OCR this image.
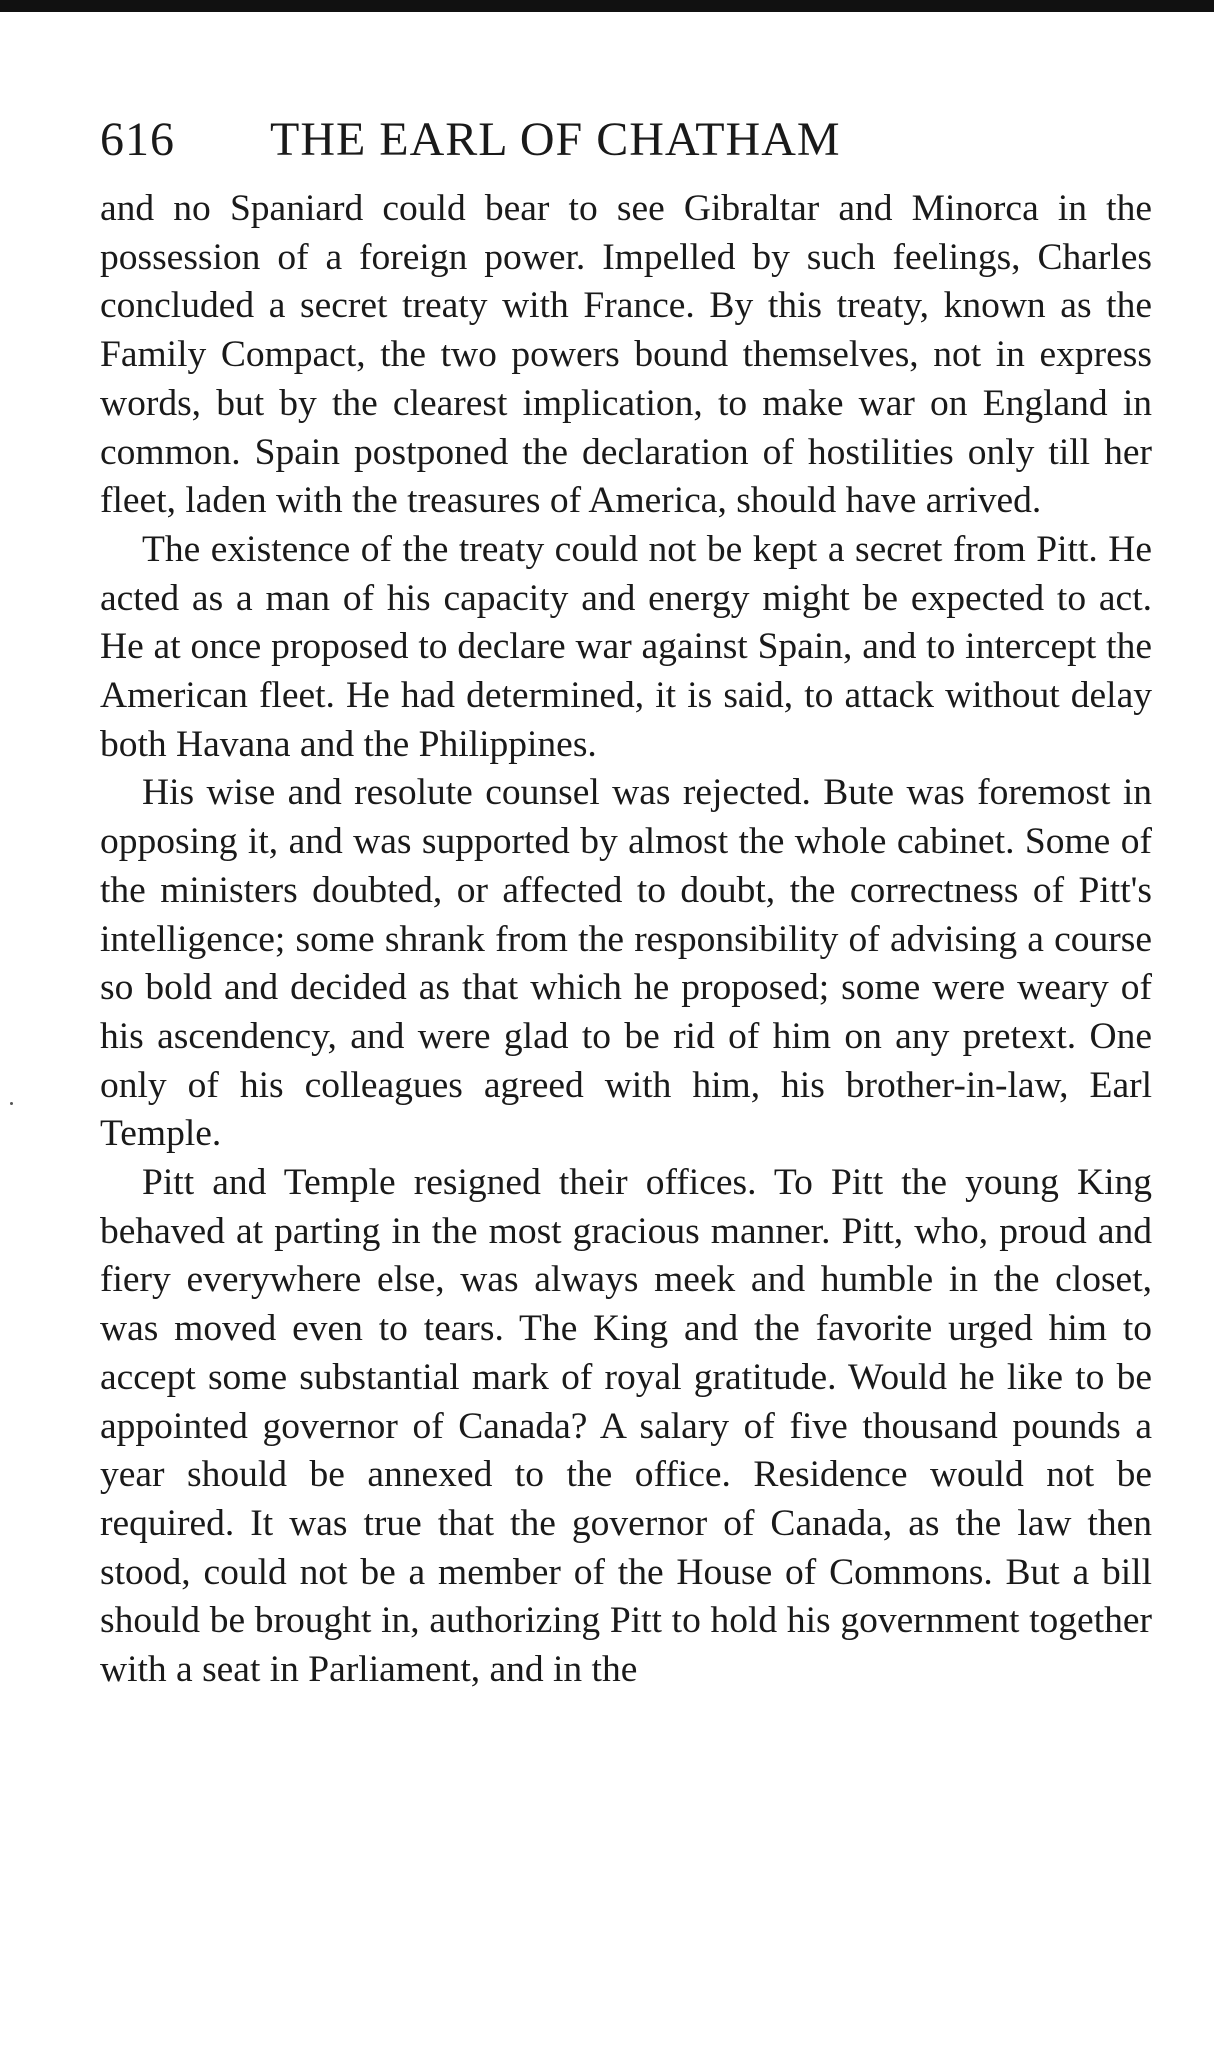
616 THE EARL OF CHATHAM

and no Spaniard could bear to see Gibraltar and Minorca in the possession of a foreign power. Impelled by such feelings, Charles concluded a secret treaty with France. By this treaty, known as the Family Compact, the two powers bound themselves, not in express words, but by the clearest implication, to make war on England in common. Spain postponed the declaration of hostilities only till her fleet, laden with the treasures of America, should have arrived.

The existence of the treaty could not be kept a secret from Pitt. He acted as a man of his capacity and energy might be expected to act. He at once proposed to declare war against Spain, and to intercept the American fleet. He had determined, it is said, to attack without delay both Havana and the Philippines.

His wise and resolute counsel was rejected. Bute was foremost in opposing it, and was supported by almost the whole cabinet. Some of the ministers doubted, or affected to doubt, the correctness of Pitt's intelligence; some shrank from the responsibility of advising a course so bold and decided as that which he proposed; some were weary of his ascendency, and were glad to be rid of him on any pretext. One only of his colleagues agreed with him, his brother-in-law, Earl Temple.

Pitt and Temple resigned their offices. To Pitt the young King behaved at parting in the most gracious manner. Pitt, who, proud and fiery everywhere else, was always meek and humble in the closet, was moved even to tears. The King and the favorite urged him to accept some substantial mark of royal gratitude. Would he like to be appointed governor of Canada? A salary of five thousand pounds a year should be annexed to the office. Residence would not be required. It was true that the governor of Canada, as the law then stood, could not be a member of the House of Commons. But a bill should be brought in, authorizing Pitt to hold his government together with a seat in Parliament, and in the
